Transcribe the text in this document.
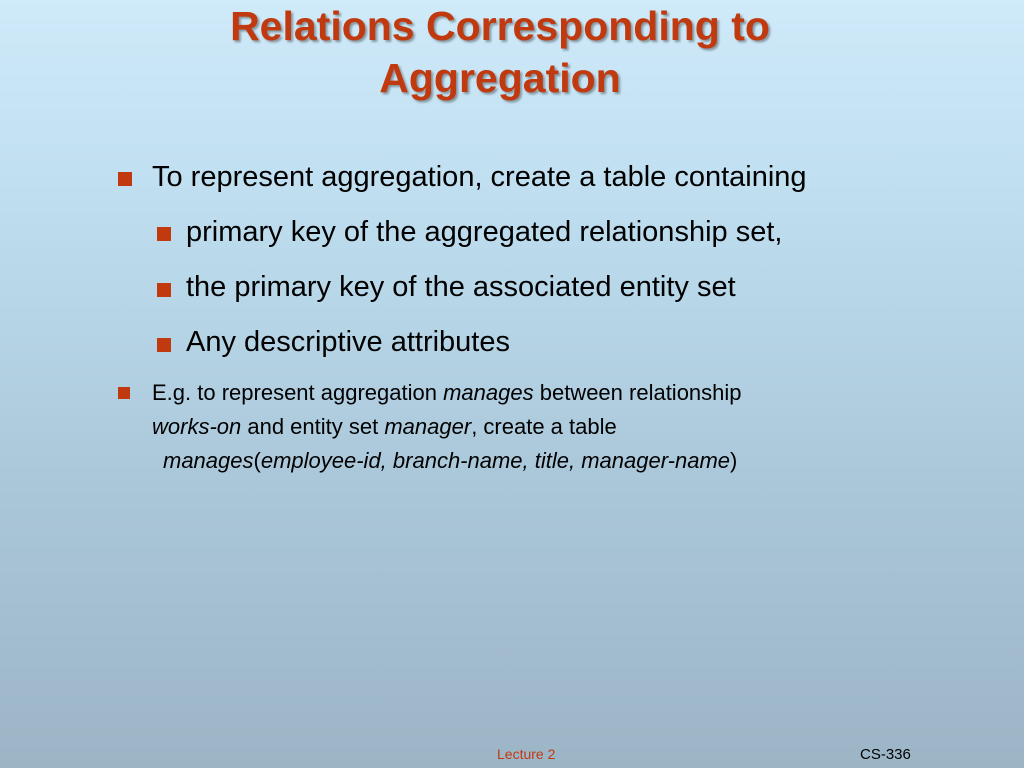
Relations Corresponding to
Aggregation
To represent aggregation, create a table containing
primary key of the aggregated relationship set,
the primary key of the associated entity set
Any descriptive attributes
E.g. to represent aggregation manages between relationship
works-on and entity set manager, create a table
manages(employee-id, branch-name, title, manager-name)
Lecture 2	CS-336
